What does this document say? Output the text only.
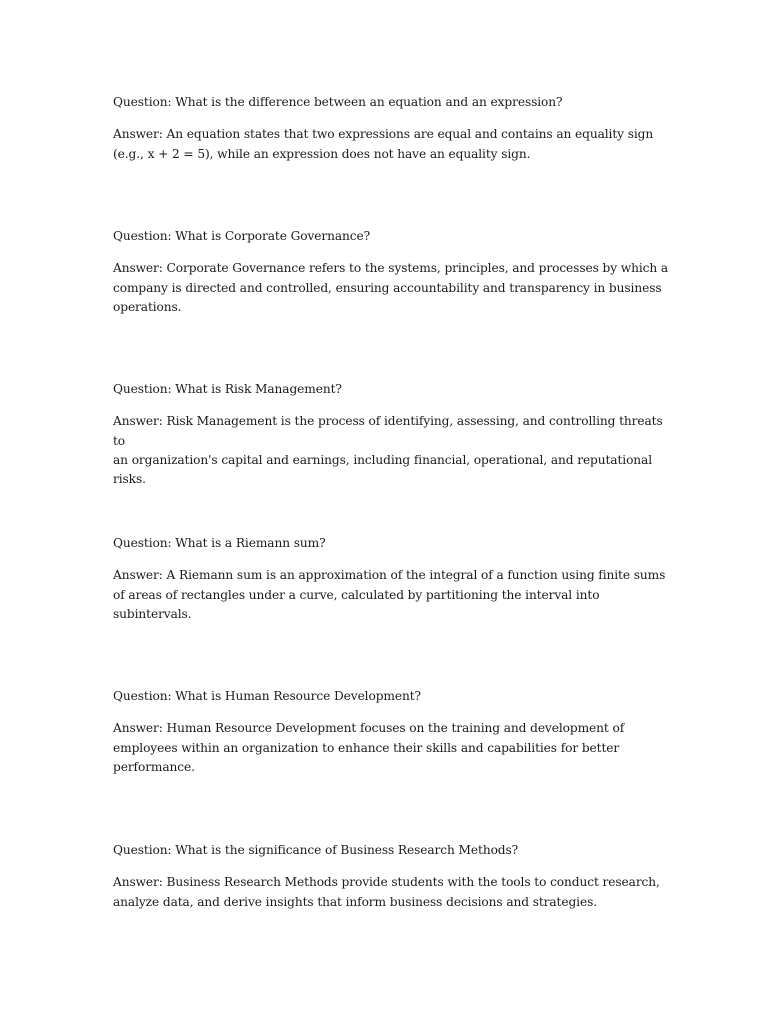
Question: What is the difference between an equation and an expression?

Answer: An equation states that two expressions are equal and contains an equality sign
(e.g., x + 2 = 5), while an expression does not have an equality sign.

Question: What is Corporate Governance?

Answer: Corporate Governance refers to the systems, principles, and processes by which a
company is directed and controlled, ensuring accountability and transparency in business
operations.

Question: What is Risk Management?

Answer: Risk Management is the process of identifying, assessing, and controlling threats to
an organization's capital and earnings, including financial, operational, and reputational
risks.

Question: What is a Riemann sum?

Answer: A Riemann sum is an approximation of the integral of a function using finite sums
of areas of rectangles under a curve, calculated by partitioning the interval into
subintervals.

Question: What is Human Resource Development?

Answer: Human Resource Development focuses on the training and development of
employees within an organization to enhance their skills and capabilities for better
performance.

Question: What is the significance of Business Research Methods?

Answer: Business Research Methods provide students with the tools to conduct research,
analyze data, and derive insights that inform business decisions and strategies.
